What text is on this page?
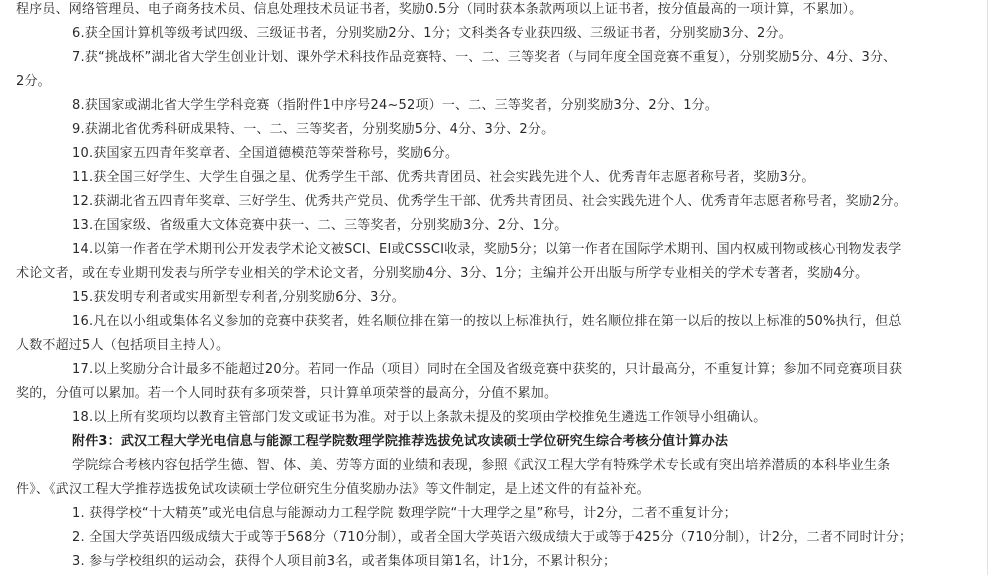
程序员、网络管理员、电子商务技术员、信息处理技术员证书者，奖励0.5分（同时获本条款两项以上证书者，按分值最高的一项计算，不累加）。
6.获全国计算机等级考试四级、三级证书者，分别奖励2分、1分；文科类各专业获四级、三级证书者，分别奖励3分、2分。
7.获“挑战杯”湖北省大学生创业计划、课外学术科技作品竞赛特、一、二、三等奖者（与同年度全国竞赛不重复），分别奖励5分、4分、3分、
2分。
8.获国家或湖北省大学生学科竞赛（指附件1中序号24~52项）一、二、三等奖者，分别奖励3分、2分、1分。
9.获湖北省优秀科研成果特、一、二、三等奖者，分别奖励5分、4分、3分、2分。
10.获国家五四青年奖章者、全国道德模范等荣誉称号，奖励6分。
11.获全国三好学生、大学生自强之星、优秀学生干部、优秀共青团员、社会实践先进个人、优秀青年志愿者称号者，奖励3分。
12.获湖北省五四青年奖章、三好学生、优秀共产党员、优秀学生干部、优秀共青团员、社会实践先进个人、优秀青年志愿者称号者，奖励2分。
13.在国家级、省级重大文体竞赛中获一、二、三等奖者，分别奖励3分、2分、1分。
14.以第一作者在学术期刊公开发表学术论文被SCI、EI或CSSCI收录，奖励5分；以第一作者在国际学术期刊、国内权威刊物或核心刊物发表学
术论文者，或在专业期刊发表与所学专业相关的学术论文者，分别奖励4分、3分、1分；主编并公开出版与所学专业相关的学术专著者，奖励4分。
15.获发明专利者或实用新型专利者,分别奖励6分、3分。
16.凡在以小组或集体名义参加的竞赛中获奖者，姓名顺位排在第一的按以上标准执行，姓名顺位排在第一以后的按以上标准的50%执行，但总
人数不超过5人（包括项目主持人）。
17.以上奖励分合计最多不能超过20分。若同一作品（项目）同时在全国及省级竞赛中获奖的，只计最高分，不重复计算；参加不同竞赛项目获
奖的，分值可以累加。若一个人同时获有多项荣誉，只计算单项荣誉的最高分，分值不累加。
18.以上所有奖项均以教育主管部门发文或证书为准。对于以上条款未提及的奖项由学校推免生遴选工作领导小组确认。
附件3：武汉工程大学光电信息与能源工程学院数理学院推荐选拔免试攻读硕士学位研究生综合考核分值计算办法
学院综合考核内容包括学生德、智、体、美、劳等方面的业绩和表现，参照《武汉工程大学有特殊学术专长或有突出培养潜质的本科毕业生条
件》、《武汉工程大学推荐选拔免试攻读硕士学位研究生分值奖励办法》等文件制定，是上述文件的有益补充。
1. 获得学校“十大精英”或光电信息与能源动力工程学院 数理学院“十大理学之星”称号，计2分，二者不重复计分；
2. 全国大学英语四级成绩大于或等于568分（710分制），或者全国大学英语六级成绩大于或等于425分（710分制），计2分，二者不同时计分；
3. 参与学校组织的运动会，获得个人项目前3名，或者集体项目第1名，计1分，不累计积分；
